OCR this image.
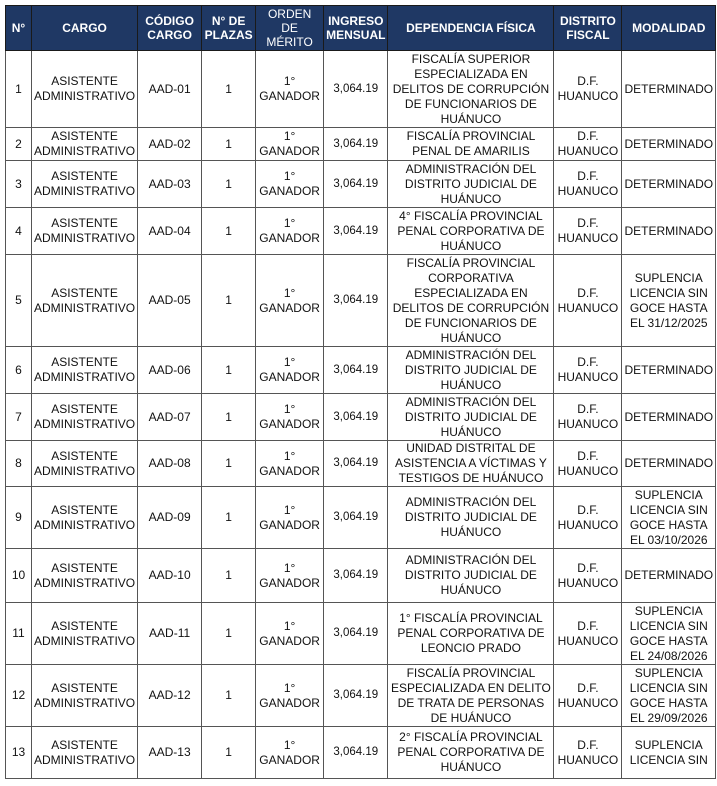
N°	CARGO	CÓDIGO CARGO	N° DE PLAZAS	ORDEN DE MÉRITO	INGRESO MENSUAL	DEPENDENCIA FÍSICA	DISTRITO FISCAL	MODALIDAD
1	ASISTENTE ADMINISTRATIVO	AAD-01	1	1° GANADOR	3,064.19	FISCALÍA SUPERIOR ESPECIALIZADA EN DELITOS DE CORRUPCIÓN DE FUNCIONARIOS DE HUÁNUCO	D.F. HUANUCO	DETERMINADO
2	ASISTENTE ADMINISTRATIVO	AAD-02	1	1° GANADOR	3,064.19	FISCALÍA PROVINCIAL PENAL DE AMARILIS	D.F. HUANUCO	DETERMINADO
3	ASISTENTE ADMINISTRATIVO	AAD-03	1	1° GANADOR	3,064.19	ADMINISTRACIÓN DEL DISTRITO JUDICIAL DE HUÁNUCO	D.F. HUANUCO	DETERMINADO
4	ASISTENTE ADMINISTRATIVO	AAD-04	1	1° GANADOR	3,064.19	4° FISCALÍA PROVINCIAL PENAL CORPORATIVA DE HUÁNUCO	D.F. HUANUCO	DETERMINADO
5	ASISTENTE ADMINISTRATIVO	AAD-05	1	1° GANADOR	3,064.19	FISCALÍA PROVINCIAL CORPORATIVA ESPECIALIZADA EN DELITOS DE CORRUPCIÓN DE FUNCIONARIOS DE HUÁNUCO	D.F. HUANUCO	SUPLENCIA LICENCIA SIN GOCE HASTA EL 31/12/2025
6	ASISTENTE ADMINISTRATIVO	AAD-06	1	1° GANADOR	3,064.19	ADMINISTRACIÓN DEL DISTRITO JUDICIAL DE HUÁNUCO	D.F. HUANUCO	DETERMINADO
7	ASISTENTE ADMINISTRATIVO	AAD-07	1	1° GANADOR	3,064.19	ADMINISTRACIÓN DEL DISTRITO JUDICIAL DE HUÁNUCO	D.F. HUANUCO	DETERMINADO
8	ASISTENTE ADMINISTRATIVO	AAD-08	1	1° GANADOR	3,064.19	UNIDAD DISTRITAL DE ASISTENCIA A VÍCTIMAS Y TESTIGOS DE HUÁNUCO	D.F. HUANUCO	DETERMINADO
9	ASISTENTE ADMINISTRATIVO	AAD-09	1	1° GANADOR	3,064.19	ADMINISTRACIÓN DEL DISTRITO JUDICIAL DE HUÁNUCO	D.F. HUANUCO	SUPLENCIA LICENCIA SIN GOCE HASTA EL 03/10/2026
10	ASISTENTE ADMINISTRATIVO	AAD-10	1	1° GANADOR	3,064.19	ADMINISTRACIÓN DEL DISTRITO JUDICIAL DE HUÁNUCO	D.F. HUANUCO	DETERMINADO
11	ASISTENTE ADMINISTRATIVO	AAD-11	1	1° GANADOR	3,064.19	1° FISCALÍA PROVINCIAL PENAL CORPORATIVA DE LEONCIO PRADO	D.F. HUANUCO	SUPLENCIA LICENCIA SIN GOCE HASTA EL 24/08/2026
12	ASISTENTE ADMINISTRATIVO	AAD-12	1	1° GANADOR	3,064.19	FISCALÍA PROVINCIAL ESPECIALIZADA EN DELITO DE TRATA DE PERSONAS DE HUÁNUCO	D.F. HUANUCO	SUPLENCIA LICENCIA SIN GOCE HASTA EL 29/09/2026
13	ASISTENTE ADMINISTRATIVO	AAD-13	1	1° GANADOR	3,064.19	2° FISCALÍA PROVINCIAL PENAL CORPORATIVA DE HUÁNUCO	D.F. HUANUCO	SUPLENCIA LICENCIA SIN
